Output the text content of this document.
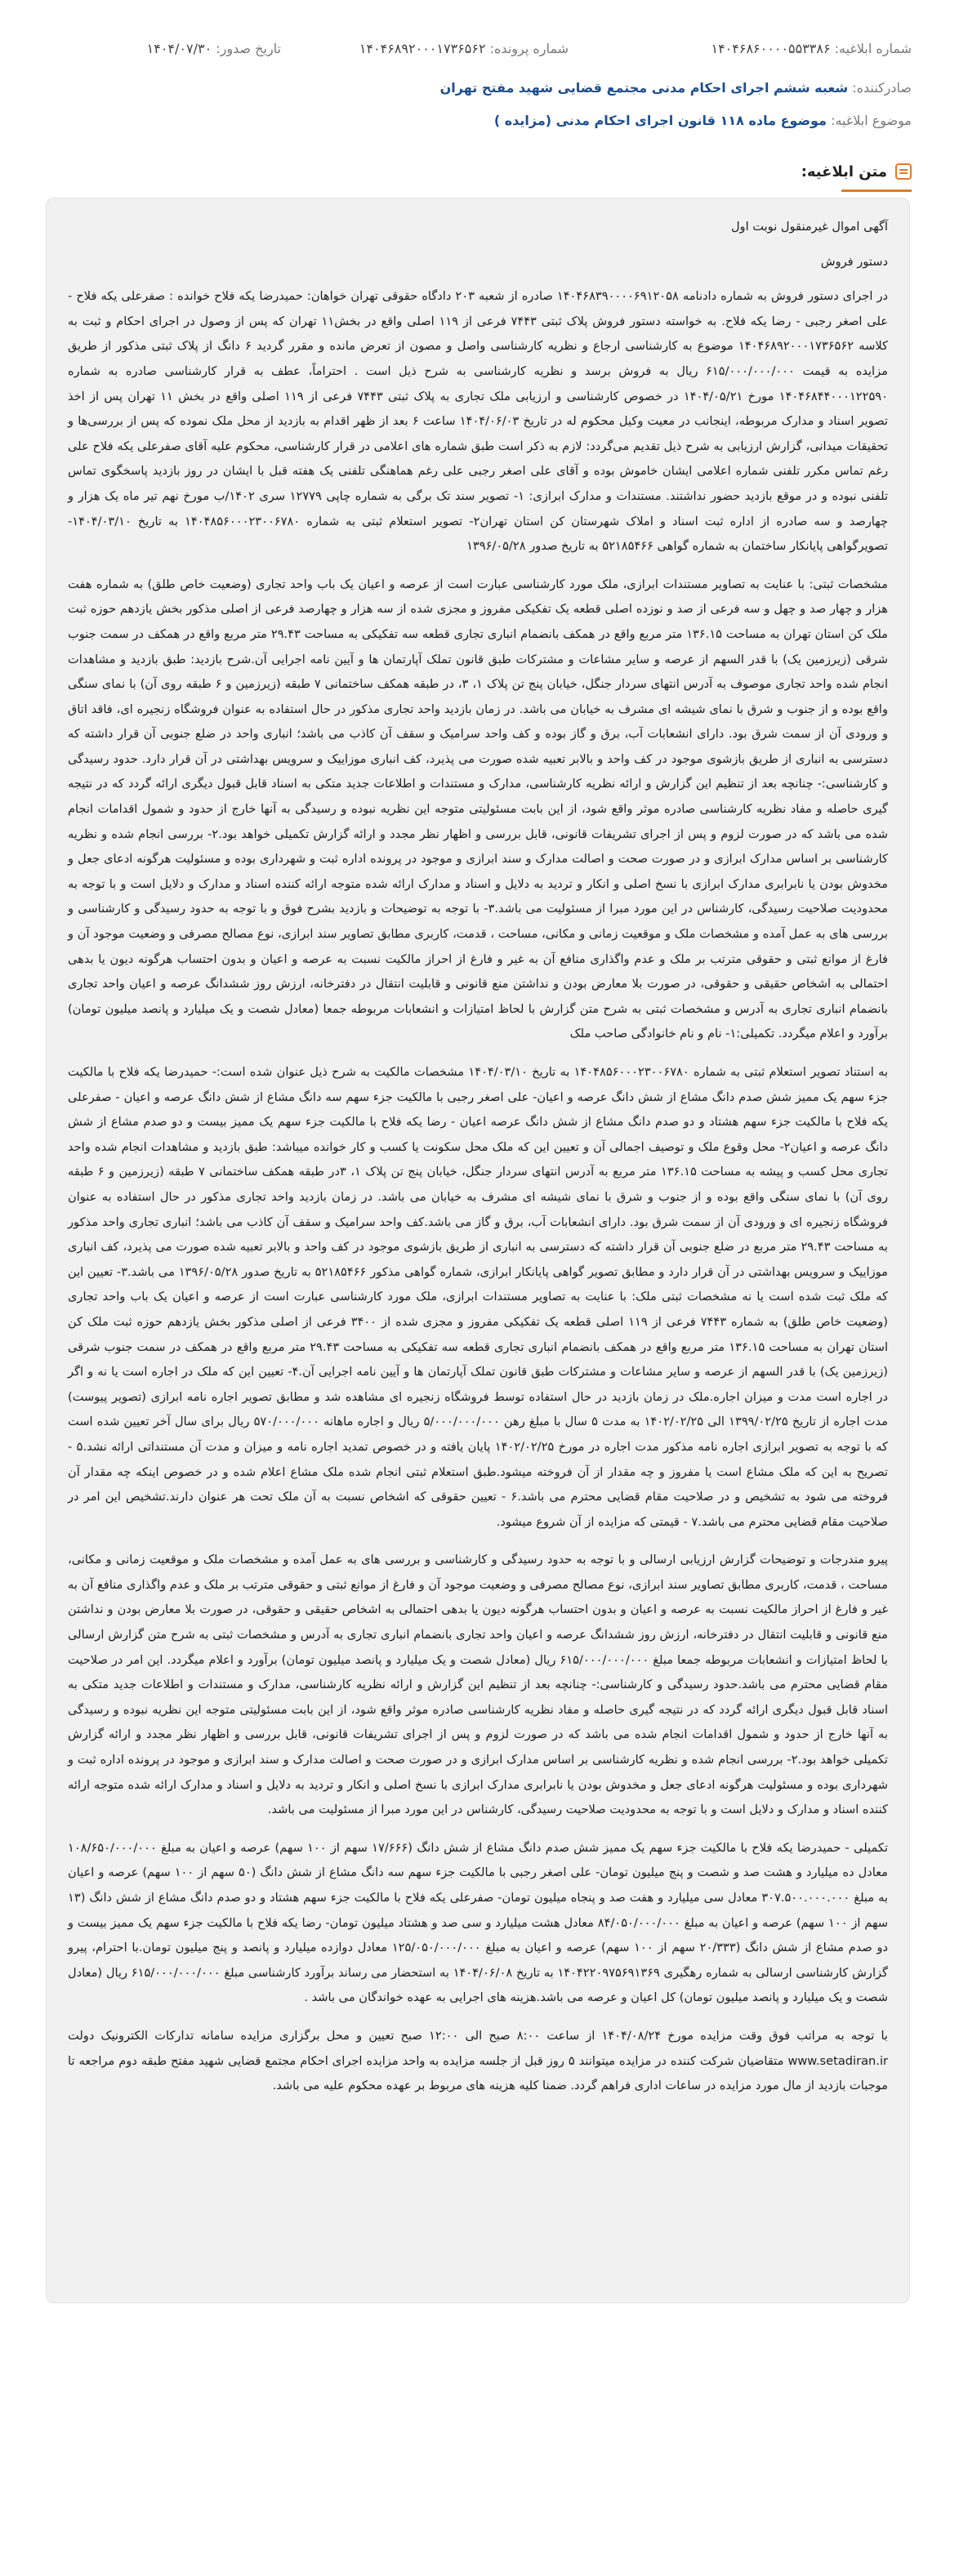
شماره ابلاغیه: ۱۴۰۴۶۸۶۰۰۰۰۵۵۳۳۸۶
شماره پرونده: ۱۴۰۴۶۸۹۲۰۰۰۱۷۳۶۵۶۲
تاریخ صدور: ۱۴۰۴/۰۷/۳۰
صادرکننده: شعبه ششم اجرای احکام مدنی مجتمع قضایی شهید مفتح تهران
موضوع ابلاغیه: موضوع ماده ۱۱۸ قانون اجرای احکام مدنی (مزایده )
متن ابلاغیه:

آگهی اموال غیرمنقول نوبت اول

دستور فروش

در اجرای دستور فروش به شماره دادنامه ۱۴۰۴۶۸۳۹۰۰۰۰۶۹۱۲۰۵۸ صادره از شعبه ۲۰۳ دادگاه حقوقی تهران خواهان: حمیدرضا یکه فلاح خوانده : صفرعلی یکه فلاح - علی اصغر رجبی - رضا یکه فلاح. به خواسته دستور فروش پلاک ثبتی ۷۴۴۳ فرعی از ۱۱۹ اصلی واقع در بخش۱۱ تهران که پس از وصول در اجرای احکام و ثبت به کلاسه ۱۴۰۴۶۸۹۲۰۰۰۱۷۳۶۵۶۲ موضوع به کارشناسی ارجاع و نظریه کارشناسی واصل و مصون از تعرض مانده و مقرر گردید ۶ دانگ از پلاک ثبتی مذکور از طریق مزایده به قیمت ۶۱۵/۰۰۰/۰۰۰/۰۰۰ ریال به فروش برسد و نظریه کارشناسی به شرح ذیل است . احتراماً، عطف به قرار کارشناسی صادره به شماره ۱۴۰۴۶۸۴۴۰۰۰۱۲۲۵۹۰ مورخ ۱۴۰۴/۰۵/۲۱ در خصوص کارشناسی و ارزیابی ملک تجاری به پلاک ثبتی ۷۴۴۳ فرعی از ۱۱۹ اصلی واقع در بخش ۱۱ تهران پس از اخذ تصویر اسناد و مدارک مربوطه، اینجانب در معیت وکیل محکوم له در تاریخ ۱۴۰۴/۰۶/۰۳ ساعت ۶ بعد از ظهر اقدام به بازدید از محل ملک نموده که پس از بررسی‌ها و تحقیقات میدانی، گزارش ارزیابی به شرح ذیل تقدیم می‌گردد: لازم به ذکر است طبق شماره های اعلامی در قرار کارشناسی، محکوم علیه آقای صفرعلی یکه فلاح علی رغم تماس مکرر تلفنی شماره اعلامی ایشان خاموش بوده و آقای علی اصغر رجبی علی رغم هماهنگی تلفنی یک هفته قبل با ایشان در روز بازدید پاسخگوی تماس تلفنی نبوده و در موقع بازدید حضور نداشتند. مستندات و مدارک ابرازی: ۱- تصویر سند تک برگی به شماره چاپی ۱۲۷۷۹ سری ۱۴۰۲/ب مورخ نهم تیر ماه یک هزار و چهارصد و سه صادره از اداره ثبت اسناد و املاک شهرستان کن استان تهران۲- تصویر استعلام ثبتی به شماره ۱۴۰۴۸۵۶۰۰۰۲۳۰۰۶۷۸۰ به تاریخ ۱۴۰۴/۰۳/۱۰- تصویرگواهی پایانکار ساختمان به شماره گواهی ۵۲۱۸۵۴۶۶ به تاریخ صدور ۱۳۹۶/۰۵/۲۸

مشخصات ثبتی: با عنایت به تصاویر مستندات ابرازی، ملک مورد کارشناسی عبارت است از عرصه و اعیان یک باب واحد تجاری (وضعیت خاص طلق) به شماره هفت هزار و چهار صد و چهل و سه فرعی از صد و نوزده اصلی قطعه یک تفکیکی مفروز و مجزی شده از سه هزار و چهارصد فرعی از اصلی مذکور بخش یازدهم حوزه ثبت ملک کن استان تهران به مساحت ۱۳۶.۱۵ متر مربع واقع در همکف بانضمام انباری تجاری قطعه سه تفکیکی به مساحت ۲۹.۴۳ متر مربع واقع در همکف در سمت جنوب شرقی (زیرزمین یک) با قدر السهم از عرصه و سایر مشاعات و مشترکات طبق قانون تملک آپارتمان ها و آیین نامه اجرایی آن.شرح بازدید: طبق بازدید و مشاهدات انجام شده واحد تجاری موصوف به آدرس انتهای سردار جنگل، خیابان پنج تن پلاک ۱، ۳، در طبقه همکف ساختمانی ۷ طبقه (زیرزمین و ۶ طبقه روی آن) با نمای سنگی واقع بوده و از جنوب و شرق با نمای شیشه ای مشرف به خیابان می باشد. در زمان بازدید واحد تجاری مذکور در حال استفاده به عنوان فروشگاه زنجیره ای، فاقد اتاق و ورودی آن از سمت شرق بود. دارای انشعابات آب، برق و گاز بوده و کف واحد سرامیک و سقف آن کاذب می باشد؛ انباری واحد در ضلع جنوبی آن قرار داشته که دسترسی به انباری از طریق بازشوی موجود در کف واحد و بالابر تعبیه شده صورت می پذیرد، کف انباری موزاییک و سرویس بهداشتی در آن قرار دارد. حدود رسیدگی و کارشناسی:- چنانچه بعد از تنظیم این گزارش و ارائه نظریه کارشناسی، مدارک و مستندات و اطلاعات جدید متکی به اسناد قابل قبول دیگری ارائه گردد که در نتیجه گیری حاصله و مفاد نظریه کارشناسی صادره موثر واقع شود، از این بابت مسئولیتی متوجه این نظریه نبوده و رسیدگی به آنها خارج از حدود و شمول اقدامات انجام شده می باشد که در صورت لزوم و پس از اجرای تشریفات قانونی، قابل بررسی و اظهار نظر مجدد و ارائه گزارش تکمیلی خواهد بود.۲- بررسی انجام شده و نظریه کارشناسی بر اساس مدارک ابرازی و در صورت صحت و اصالت مدارک و سند ابرازی و موجود در پرونده اداره ثبت و شهرداری بوده و مسئولیت هرگونه ادعای جعل و مخدوش بودن یا نابرابری مدارک ابرازی با نسخ اصلی و انکار و تردید به دلایل و اسناد و مدارک ارائه شده متوجه ارائه کننده اسناد و مدارک و دلایل است و با توجه به محدودیت صلاحیت رسیدگی، کارشناس در این مورد مبرا از مسئولیت می باشد.۳- با توجه به توضیحات و بازدید بشرح فوق و با توجه به حدود رسیدگی و کارشناسی و بررسی های به عمل آمده و مشخصات ملک و موقعیت زمانی و مکانی، مساحت ، قدمت، کاربری مطابق تصاویر سند ابرازی، نوع مصالح مصرفی و وضعیت موجود آن و فارغ از موانع ثبتی و حقوقی مترتب بر ملک و عدم واگذاری منافع آن به غیر و فارغ از احراز مالکیت نسبت به عرصه و اعیان و بدون احتساب هرگونه دیون یا بدهی احتمالی به اشخاص حقیقی و حقوقی، در صورت بلا معارض بودن و نداشتن منع قانونی و قابلیت انتقال در دفترخانه، ارزش روز ششدانگ عرصه و اعیان واحد تجاری بانضمام انباری تجاری به آدرس و مشخصات ثبتی به شرح متن گزارش با لحاظ امتیازات و انشعابات مربوطه جمعا (معادل شصت و یک میلیارد و پانصد میلیون تومان) برآورد و اعلام میگردد. تکمیلی:۱- نام و نام خانوادگی صاحب ملک

به استناد تصویر استعلام ثبتی به شماره ۱۴۰۴۸۵۶۰۰۰۲۳۰۰۶۷۸۰ به تاریخ ۱۴۰۴/۰۳/۱۰ مشخصات مالکیت به شرح ذیل عنوان شده است:- حمیدرضا یکه فلاح با مالکیت جزء سهم یک ممیز شش صدم دانگ مشاع از شش دانگ عرصه و اعیان- علی اصغر رجبی با مالکیت جزء سهم سه دانگ مشاع از شش دانگ عرصه و اعیان - صفرعلی یکه فلاح با مالکیت جزء سهم هشتاد و دو صدم دانگ مشاع از شش دانگ عرصه اعیان - رضا یکه فلاح با مالکیت جزء سهم یک ممیز بیست و دو صدم مشاع از شش دانگ عرصه و اعیان۲- محل وقوع ملک و توصیف اجمالی آن و تعیین این که ملک محل سکونت یا کسب و کار خوانده میباشد: طبق بازدید و مشاهدات انجام شده واحد تجاری محل کسب و پیشه به مساحت ۱۳۶.۱۵ متر مربع به آدرس انتهای سردار جنگل، خیابان پنج تن پلاک ۱، ۳در طبقه همکف ساختمانی ۷ طبقه (زیرزمین و ۶ طبقه روی آن) با نمای سنگی واقع بوده و از جنوب و شرق با نمای شیشه ای مشرف به خیابان می باشد. در زمان بازدید واحد تجاری مذکور در حال استفاده به عنوان فروشگاه زنجیره ای و ورودی آن از سمت شرق بود. دارای انشعابات آب، برق و گاز می باشد.کف واحد سرامیک و سقف آن کاذب می باشد؛ انباری تجاری واحد مذکور به مساحت ۲۹.۴۳ متر مربع در ضلع جنوبی آن قرار داشته که دسترسی به انباری از طریق بازشوی موجود در کف واحد و بالابر تعبیه شده صورت می پذیرد، کف انباری موزاییک و سرویس بهداشتی در آن قرار دارد و مطابق تصویر گواهی پایانکار ابرازی، شماره گواهی مذکور ۵۲۱۸۵۴۶۶ به تاریخ صدور ۱۳۹۶/۰۵/۲۸ می باشد.۳- تعیین این که ملک ثبت شده است یا نه مشخصات ثبتی ملک: با عنایت به تصاویر مستندات ابرازی، ملک مورد کارشناسی عبارت است از عرصه و اعیان یک باب واحد تجاری (وضعیت خاص طلق) به شماره ۷۴۴۳ فرعی از ۱۱۹ اصلی قطعه یک تفکیکی مفروز و مجزی شده از ۳۴۰۰ فرعی از اصلی مذکور بخش یازدهم حوزه ثبت ملک کن استان تهران به مساحت ۱۳۶.۱۵ متر مربع واقع در همکف بانضمام انباری تجاری قطعه سه تفکیکی به مساحت ۲۹.۴۳ متر مربع واقع در همکف در سمت جنوب شرقی (زیرزمین یک) با قدر السهم از عرصه و سایر مشاعات و مشترکات طبق قانون تملک آپارتمان ها و آیین نامه اجرایی آن.۴- تعیین این که ملک در اجاره است یا نه و اگر در اجاره است مدت و میزان اجاره.ملک در زمان بازدید در حال استفاده توسط فروشگاه زنجیره ای مشاهده شد و مطابق تصویر اجاره نامه ابرازی (تصویر پیوست) مدت اجاره از تاریخ ۱۳۹۹/۰۲/۲۵ الی ۱۴۰۲/۰۲/۲۵ به مدت ۵ سال با مبلغ رهن ۵/۰۰۰/۰۰۰/۰۰۰ ریال و اجاره ماهانه ۵۷۰/۰۰۰/۰۰۰ ریال برای سال آخر تعیین شده است که با توجه به تصویر ابرازی اجاره نامه مذکور مدت اجاره در مورخ ۱۴۰۲/۰۲/۲۵ پایان یافته و در خصوص تمدید اجاره نامه و میزان و مدت آن مستنداتی ارائه نشد.۵ - تصریح به این که ملک مشاع است یا مفروز و چه مقدار از آن فروخته میشود.طبق استعلام ثبتی انجام شده ملک مشاع اعلام شده و در خصوص اینکه چه مقدار آن فروخته می شود به تشخیص و در صلاحیت مقام قضایی محترم می باشد.۶ - تعیین حقوقی که اشخاص نسبت به آن ملک تحت هر عنوان دارند.تشخیص این امر در صلاحیت مقام قضایی محترم می باشد.۷ - قیمتی که مزایده از آن شروع میشود.

پیرو مندرجات و توضیحات گزارش ارزیابی ارسالی و با توجه به حدود رسیدگی و کارشناسی و بررسی های به عمل آمده و مشخصات ملک و موقعیت زمانی و مکانی، مساحت ، قدمت، کاربری مطابق تصاویر سند ابرازی، نوع مصالح مصرفی و وضعیت موجود آن و فارغ از موانع ثبتی و حقوقی مترتب بر ملک و عدم واگذاری منافع آن به غیر و فارغ از احراز مالکیت نسبت به عرصه و اعیان و بدون احتساب هرگونه دیون یا بدهی احتمالی به اشخاص حقیقی و حقوقی، در صورت بلا معارض بودن و نداشتن منع قانونی و قابلیت انتقال در دفترخانه، ارزش روز ششدانگ عرصه و اعیان واحد تجاری بانضمام انباری تجاری به آدرس و مشخصات ثبتی به شرح متن گزارش ارسالی با لحاظ امتیازات و انشعابات مربوطه جمعا مبلغ ۶۱۵/۰۰۰/۰۰۰/۰۰۰ ریال (معادل شصت و یک میلیارد و پانصد میلیون تومان) برآورد و اعلام میگردد. این امر در صلاحیت مقام قضایی محترم می باشد.حدود رسیدگی و کارشناسی:- چنانچه بعد از تنظیم این گزارش و ارائه نظریه کارشناسی، مدارک و مستندات و اطلاعات جدید متکی به اسناد قابل قبول دیگری ارائه گردد که در نتیجه گیری حاصله و مفاد نظریه کارشناسی صادره موثر واقع شود، از این بابت مسئولیتی متوجه این نظریه نبوده و رسیدگی به آنها خارج از حدود و شمول اقدامات انجام شده می باشد که در صورت لزوم و پس از اجرای تشریفات قانونی، قابل بررسی و اظهار نظر مجدد و ارائه گزارش تکمیلی خواهد بود.۲- بررسی انجام شده و نظریه کارشناسی بر اساس مدارک ابرازی و در صورت صحت و اصالت مدارک و سند ابرازی و موجود در پرونده اداره ثبت و شهرداری بوده و مسئولیت هرگونه ادعای جعل و مخدوش بودن یا نابرابری مدارک ابرازی با نسخ اصلی و انکار و تردید به دلایل و اسناد و مدارک ارائه شده متوجه ارائه کننده اسناد و مدارک و دلایل است و با توجه به محدودیت صلاحیت رسیدگی، کارشناس در این مورد مبرا از مسئولیت می باشد.

تکمیلی - حمیدرضا یکه فلاح با مالکیت جزء سهم یک ممیز شش صدم دانگ مشاع از شش دانگ (۱۷/۶۶۶ سهم از ۱۰۰ سهم) عرصه و اعیان به مبلغ ۱۰۸/۶۵۰/۰۰۰/۰۰۰ معادل ده میلیارد و هشت صد و شصت و پنج میلیون تومان- علی اصغر رجبی با مالکیت جزء سهم سه دانگ مشاع از شش دانگ (۵۰ سهم از ۱۰۰ سهم) عرصه و اعیان به مبلغ ۳۰۷.۵۰۰.۰۰۰.۰۰۰ معادل سی میلیارد و هفت صد و پنجاه میلیون تومان- صفرعلی یکه فلاح با مالکیت جزء سهم هشتاد و دو صدم دانگ مشاع از شش دانگ (۱۳ سهم از ۱۰۰ سهم) عرصه و اعیان به مبلغ ۸۴/۰۵۰/۰۰۰/۰۰۰ معادل هشت میلیارد و سی صد و هشتاد میلیون تومان- رضا یکه فلاح با مالکیت جزء سهم یک ممیز بیست و دو صدم مشاع از شش دانگ (۲۰/۳۳۳ سهم از ۱۰۰ سهم) عرصه و اعیان به مبلغ ۱۲۵/۰۵۰/۰۰۰/۰۰۰ معادل دوازده میلیارد و پانصد و پنج میلیون تومان.با احترام، پیرو گزارش کارشناسی ارسالی به شماره رهگیری ۱۴۰۴۲۲۰۹۷۵۶۹۱۳۶۹ به تاریخ ۱۴۰۴/۰۶/۰۸ به استحضار می رساند برآورد کارشناسی مبلغ ۶۱۵/۰۰۰/۰۰۰/۰۰۰ ریال (معادل شصت و یک میلیارد و پانصد میلیون تومان) کل اعیان و عرصه می باشد.هزینه های اجرایی به عهده خواندگان می باشد .

با توجه به مراتب فوق وقت مزایده مورخ ۱۴۰۴/۰۸/۲۴ از ساعت ۸:۰۰ صبح الی ۱۲:۰۰ صبح تعیین و محل برگزاری مزایده سامانه تدارکات الکترونیک دولت www.setadiran.ir متقاضیان شرکت کننده در مزایده میتوانند ۵ روز قبل از جلسه مزایده به واحد مزایده اجرای احکام مجتمع قضایی شهید مفتح طبقه دوم مراجعه تا موجبات بازدید از مال مورد مزایده در ساعات اداری فراهم گردد. ضمنا کلیه هزینه های مربوط بر عهده محکوم علیه می باشد.
